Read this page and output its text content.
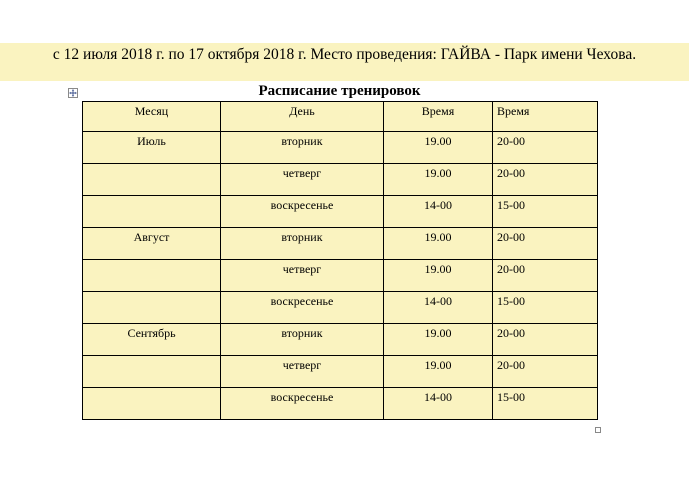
с 12 июля 2018 г. по 17 октября 2018 г. Место проведения: ГАЙВА - Парк имени Чехова.
Расписание тренировок
Месяц	День	Время	Время

Июль	вторник	19.00	20-00

	четверг	19.00	20-00

	воскресенье	14-00	15-00

Август	вторник	19.00	20-00

	четверг	19.00	20-00

	воскресенье	14-00	15-00

Сентябрь	вторник	19.00	20-00

	четверг	19.00	20-00

	воскресенье	14-00	15-00
